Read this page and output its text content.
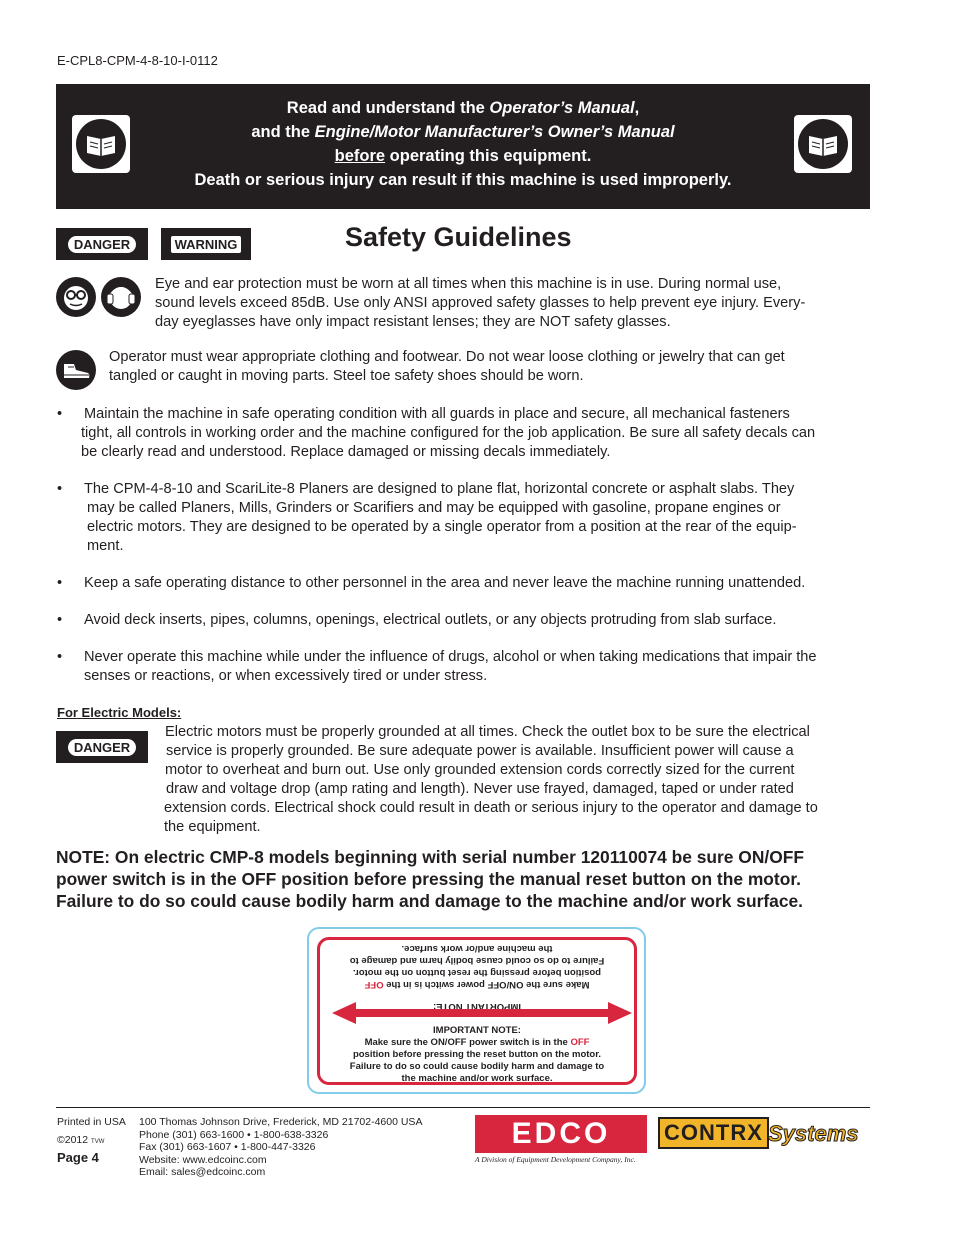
E-CPL8-CPM-4-8-10-I-0112
Read and understand the Operator’s Manual,
and the Engine/Motor Manufacturer’s Owner’s Manual
before operating this equipment.
Death or serious injury can result if this machine is used improperly.
DANGER	WARNING	Safety Guidelines
Eye and ear protection must be worn at all times when this machine is in use. During normal use,
sound levels exceed 85dB. Use only ANSI approved safety glasses to help prevent eye injury. Every-
day eyeglasses have only impact resistant lenses; they are NOT safety glasses.
Operator must wear appropriate clothing and footwear. Do not wear loose clothing or jewelry that can get
tangled or caught in moving parts. Steel toe safety shoes should be worn.
• Maintain the machine in safe operating condition with all guards in place and secure, all mechanical fasteners
tight, all controls in working order and the machine configured for the job application. Be sure all safety decals can
be clearly read and understood. Replace damaged or missing decals immediately.
• The CPM-4-8-10 and ScariLite-8 Planers are designed to plane flat, horizontal concrete or asphalt slabs. They
may be called Planers, Mills, Grinders or Scarifiers and may be equipped with gasoline, propane engines or
electric motors. They are designed to be operated by a single operator from a position at the rear of the equip-
ment.
• Keep a safe operating distance to other personnel in the area and never leave the machine running unattended.
• Avoid deck inserts, pipes, columns, openings, electrical outlets, or any objects protruding from slab surface.
• Never operate this machine while under the influence of drugs, alcohol or when taking medications that impair the
senses or reactions, or when excessively tired or under stress.
For Electric Models:
DANGER
Electric motors must be properly grounded at all times. Check the outlet box to be sure the electrical
service is properly grounded. Be sure adequate power is available. Insufficient power will cause a
motor to overheat and burn out. Use only grounded extension cords correctly sized for the current
draw and voltage drop (amp rating and length). Never use frayed, damaged, taped or under rated
extension cords. Electrical shock could result in death or serious injury to the operator and damage to
the equipment.
NOTE: On electric CMP-8 models beginning with serial number 120110074 be sure ON/OFF
power switch is in the OFF position before pressing the manual reset button on the motor.
Failure to do so could cause bodily harm and damage to the machine and/or work surface.
IMPORTANT NOTE:
Make sure the ON/OFF power switch is in the OFF
position before pressing the reset button on the motor.
Failure to do so could cause bodily harm and damage to
the machine and/or work surface.
IMPORTANT NOTE:
Make sure the ON/OFF power switch is in the OFF
position before pressing the reset button on the motor.
Failure to do so could cause bodily harm and damage to
the machine and/or work surface.
Printed in USA
©2012 TVW
Page 4
100 Thomas Johnson Drive, Frederick, MD 21702-4600 USA
Phone (301) 663-1600 • 1-800-638-3326
Fax (301) 663-1607 • 1-800-447-3326
Website: www.edcoinc.com
Email: sales@edcoinc.com
EDCO
A Division of Equipment Development Company, Inc.
CONTRX Systems
